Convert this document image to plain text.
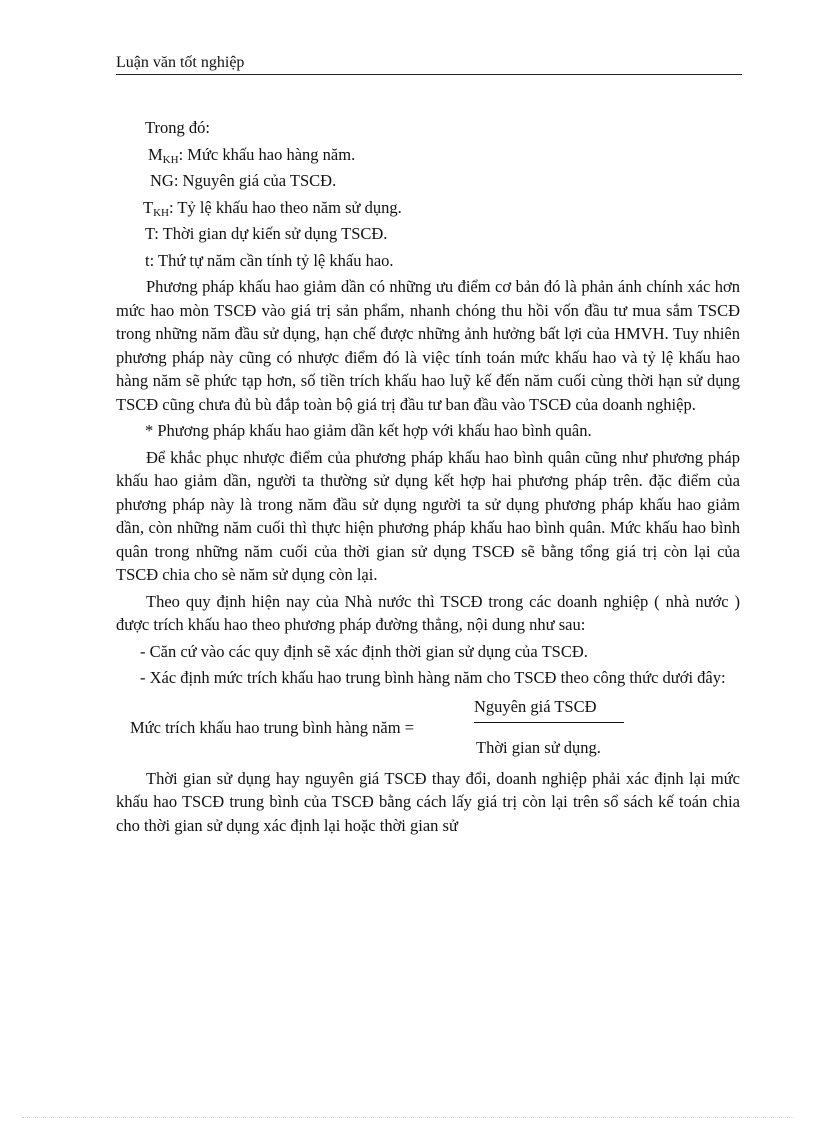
Luận văn tốt nghiệp

Trong đó:

$M_{KH}$: Mức khấu hao hàng năm.

NG: Nguyên giá của TSCĐ.

$T_{KH}$: Tỷ lệ khấu hao theo năm sử dụng.

T: Thời gian dự kiến sử dụng TSCĐ.

t: Thứ tự năm cần tính tỷ lệ khấu hao.

Phương pháp khấu hao giảm dần có những ưu điểm cơ bản đó là phản ánh chính xác hơn mức hao mòn TSCĐ vào giá trị sản phẩm, nhanh chóng thu hồi vốn đầu tư mua sắm TSCĐ trong những năm đầu sử dụng, hạn chế được những ảnh hưởng bất lợi của HMVH. Tuy nhiên phương pháp này cũng có nhược điểm đó là việc tính toán mức khấu hao và tỷ lệ khấu hao hàng năm sẽ phức tạp hơn, số tiền trích khấu hao luỹ kế đến năm cuối cùng thời hạn sử dụng TSCĐ cũng chưa đủ bù đắp toàn bộ giá trị đầu tư ban đầu vào TSCĐ của doanh nghiệp.

* Phương pháp khấu hao giảm dần kết hợp với khấu hao bình quân.

Để khắc phục nhược điểm của phương pháp khấu hao bình quân cũng như phương pháp khấu hao giảm dần, người ta thường sử dụng kết hợp hai phương pháp trên. đặc điểm của phương pháp này là trong năm đầu sử dụng người ta sử dụng phương pháp khấu hao giảm dần, còn những năm cuối thì thực hiện phương pháp khấu hao bình quân. Mức khấu hao bình quân trong những năm cuối của thời gian sử dụng TSCĐ sẽ bằng tổng giá trị còn lại của TSCĐ chia cho sè năm sử dụng còn lại.

Theo quy định hiện nay của Nhà nước thì TSCĐ trong các doanh nghiệp ( nhà nước ) được trích khấu hao theo phương pháp đường thẳng, nội dung như sau:

- Căn cứ vào các quy định sẽ xác định thời gian sử dụng của TSCĐ.

- Xác định mức trích khấu hao trung bình hàng năm cho TSCĐ theo công thức dưới đây:

Mức trích khấu hao trung bình hàng năm =
Nguyên giá TSCĐ
Thời gian sử dụng.

Thời gian sử dụng hay nguyên giá TSCĐ thay đổi, doanh nghiệp phải xác định lại mức khấu hao TSCĐ trung bình của TSCĐ bằng cách lấy giá trị còn lại trên sổ sách kế toán chia cho thời gian sử dụng xác định lại hoặc thời gian sử
